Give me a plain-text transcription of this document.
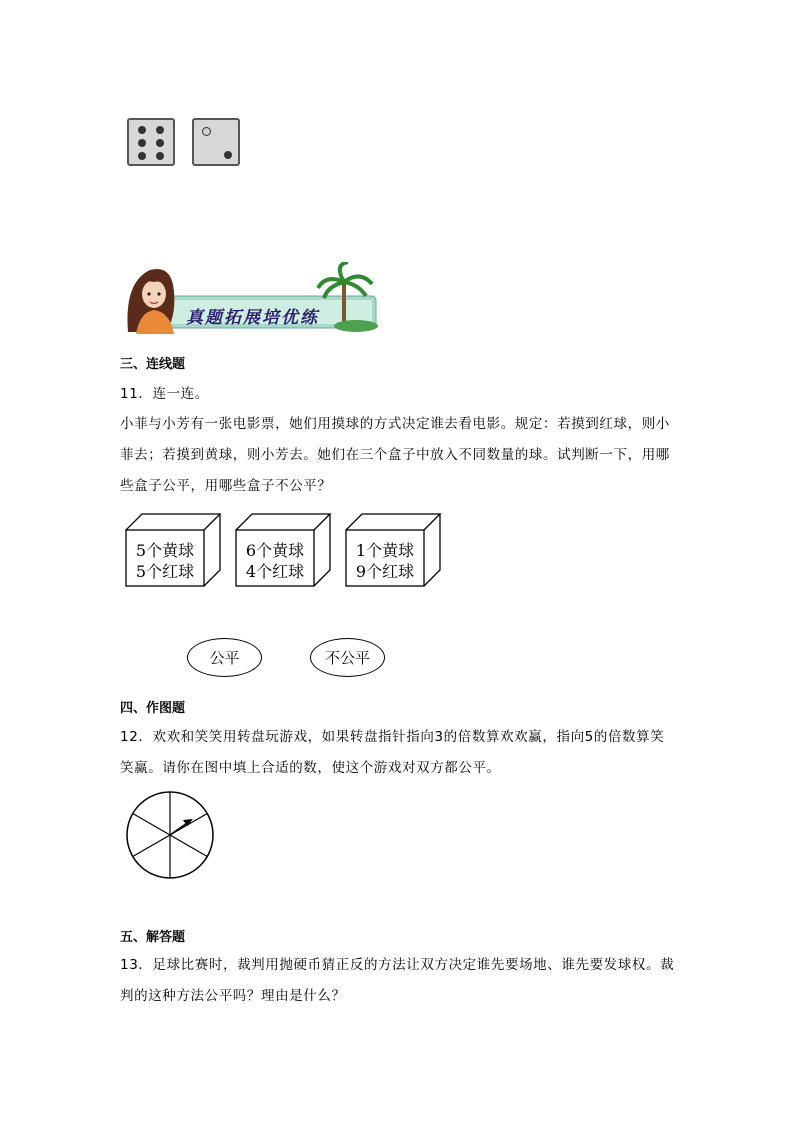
真题拓展培优练
三、连线题
11．连一连。
小菲与小芳有一张电影票，她们用摸球的方式决定谁去看电影。规定：若摸到红球，则小
菲去；若摸到黄球，则小芳去。她们在三个盒子中放入不同数量的球。试判断一下，用哪
些盒子公平，用哪些盒子不公平？
5个黄球
5个红球
6个黄球
4个红球
1个黄球
9个红球
公平	不公平
四、作图题
12．欢欢和笑笑用转盘玩游戏，如果转盘指针指向3的倍数算欢欢赢，指向5的倍数算笑
笑赢。请你在图中填上合适的数，使这个游戏对双方都公平。
五、解答题
13．足球比赛时，裁判用抛硬币猜正反的方法让双方决定谁先要场地、谁先要发球权。裁
判的这种方法公平吗？理由是什么？
